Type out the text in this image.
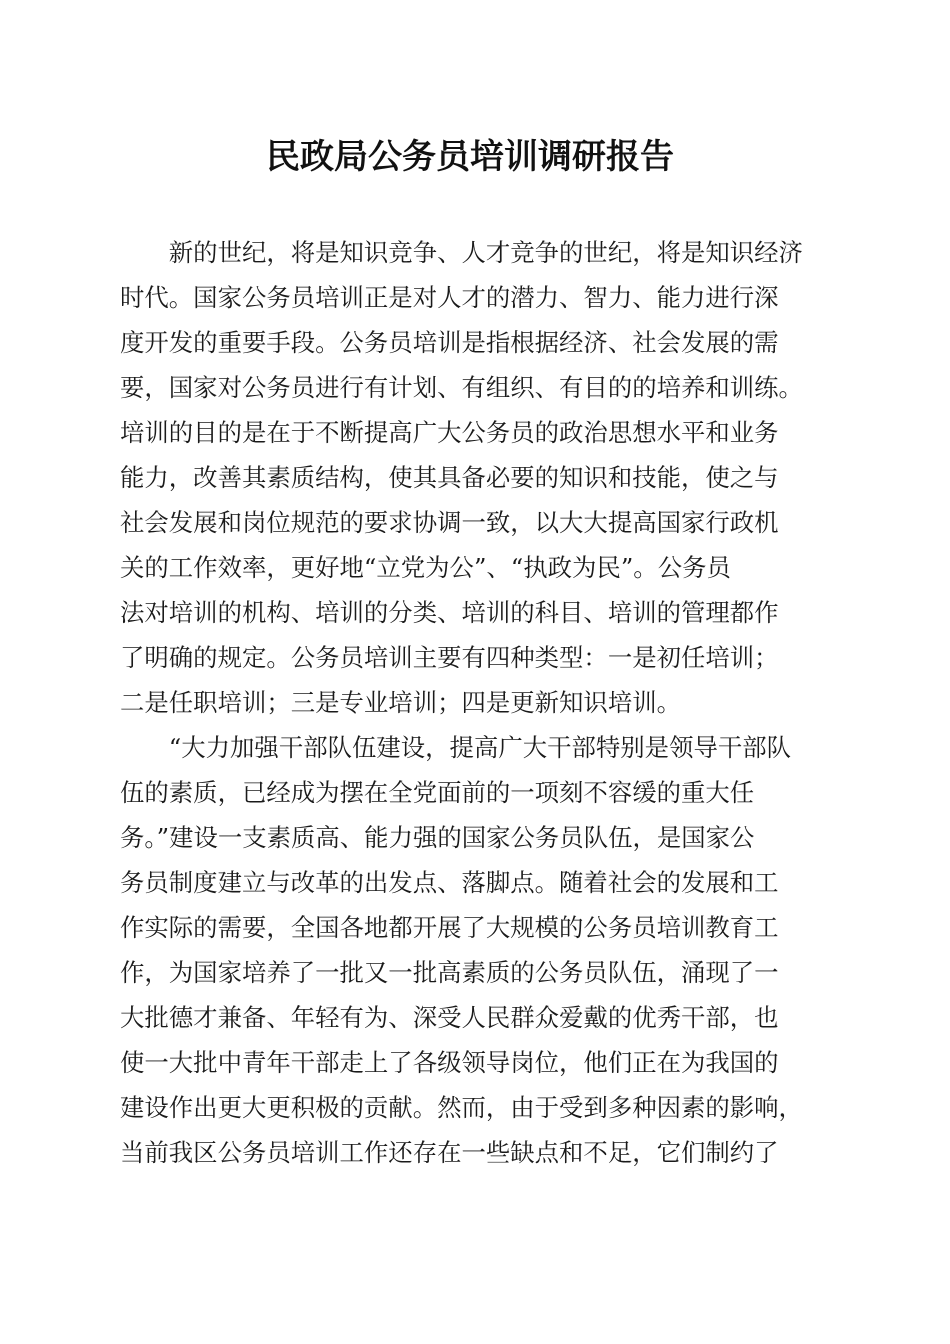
民政局公务员培训调研报告
　　新的世纪，将是知识竞争、人才竞争的世纪，将是知识经济
时代。国家公务员培训正是对人才的潜力、智力、能力进行深
度开发的重要手段。公务员培训是指根据经济、社会发展的需
要，国家对公务员进行有计划、有组织、有目的的培养和训练。
培训的目的是在于不断提高广大公务员的政治思想水平和业务
能力，改善其素质结构，使其具备必要的知识和技能，使之与
社会发展和岗位规范的要求协调一致，以大大提高国家行政机
关的工作效率，更好地“立党为公”、“执政为民”。公务员
法对培训的机构、培训的分类、培训的科目、培训的管理都作
了明确的规定。公务员培训主要有四种类型：一是初任培训；
二是任职培训；三是专业培训；四是更新知识培训。
　　“大力加强干部队伍建设，提高广大干部特别是领导干部队
伍的素质，已经成为摆在全党面前的一项刻不容缓的重大任
务。”建设一支素质高、能力强的国家公务员队伍，是国家公
务员制度建立与改革的出发点、落脚点。随着社会的发展和工
作实际的需要，全国各地都开展了大规模的公务员培训教育工
作，为国家培养了一批又一批高素质的公务员队伍，涌现了一
大批德才兼备、年轻有为、深受人民群众爱戴的优秀干部，也
使一大批中青年干部走上了各级领导岗位，他们正在为我国的
建设作出更大更积极的贡献。然而，由于受到多种因素的影响，
当前我区公务员培训工作还存在一些缺点和不足，它们制约了
